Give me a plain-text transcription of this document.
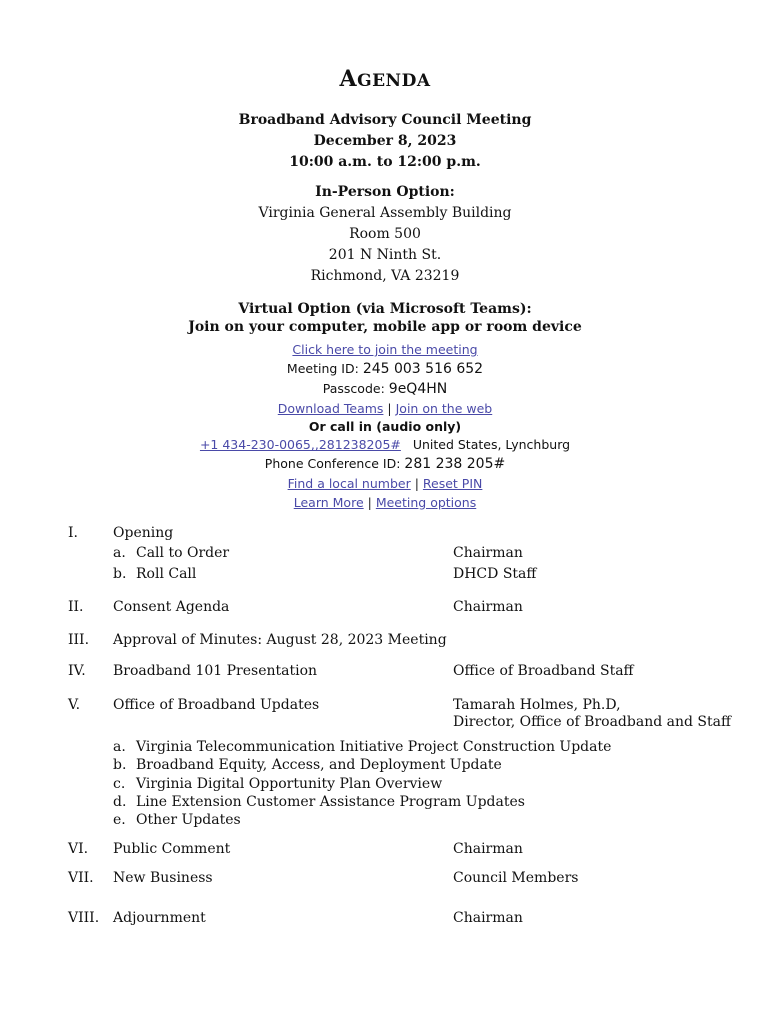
AGENDA
Broadband Advisory Council Meeting
December 8, 2023
10:00 a.m. to 12:00 p.m.
In-Person Option:
Virginia General Assembly Building
Room 500
201 N Ninth St.
Richmond, VA 23219
Virtual Option (via Microsoft Teams):
Join on your computer, mobile app or room device
Click here to join the meeting
Meeting ID: 245 003 516 652
Passcode: 9eQ4HN
Download Teams | Join on the web
Or call in (audio only)
+1 434-230-0065,,281238205# United States, Lynchburg
Phone Conference ID: 281 238 205#
Find a local number | Reset PIN
Learn More | Meeting options
I.	Opening
a. Call to Order	Chairman
b. Roll Call	DHCD Staff
II. Consent Agenda	Chairman
III. Approval of Minutes: August 28, 2023 Meeting
IV. Broadband 101 Presentation	Office of Broadband Staff
V. Office of Broadband Updates	Tamarah Holmes, Ph.D,
Director, Office of Broadband and Staff
a. Virginia Telecommunication Initiative Project Construction Update
b. Broadband Equity, Access, and Deployment Update
c. Virginia Digital Opportunity Plan Overview
d. Line Extension Customer Assistance Program Updates
e. Other Updates
VI. Public Comment	Chairman
VII. New Business	Council Members
VIII. Adjournment	Chairman
